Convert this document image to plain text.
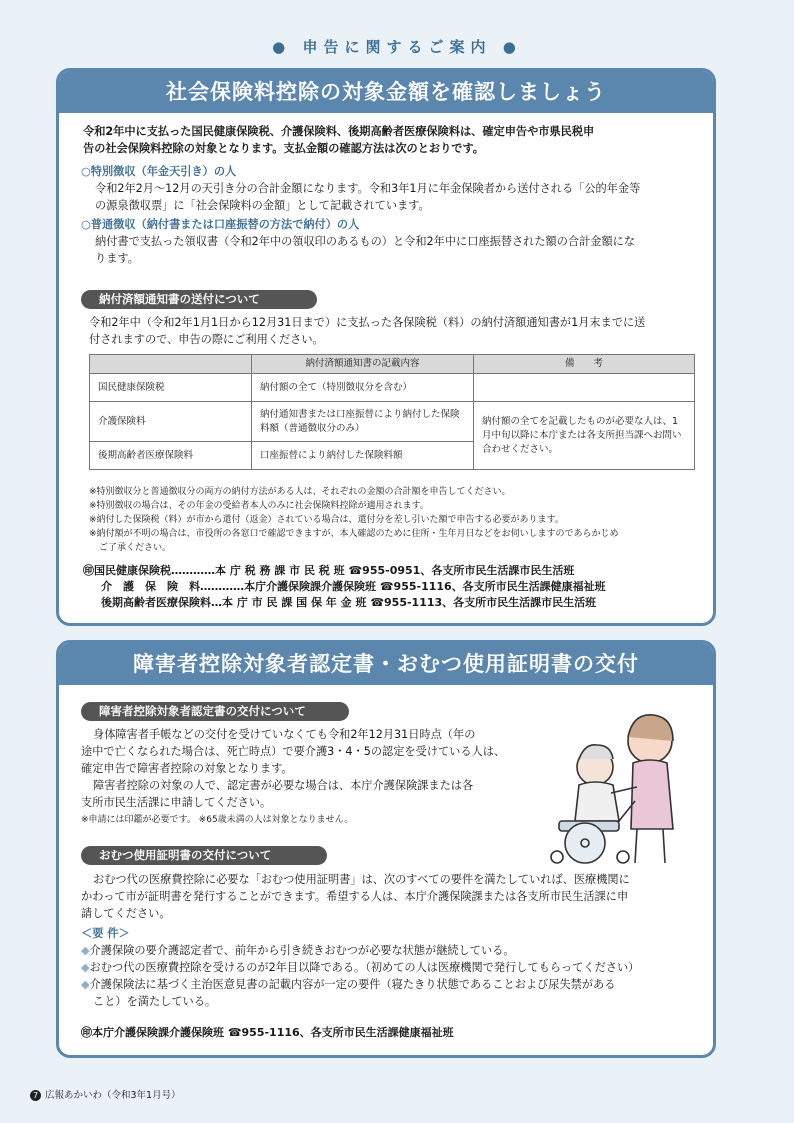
● 申告に関するご案内 ●
社会保険料控除の対象金額を確認しましょう
令和2年中に支払った国民健康保険税、介護保険料、後期高齢者医療保険料は、確定申告や市県民税申
告の社会保険料控除の対象となります。支払金額の確認方法は次のとおりです。
○特別徴収（年金天引き）の人
令和2年2月～12月の天引き分の合計金額になります。令和3年1月に年金保険者から送付される「公的年金等
の源泉徴収票」に「社会保険料の金額」として記載されています。
○普通徴収（納付書または口座振替の方法で納付）の人
納付書で支払った領収書（令和2年中の領収印のあるもの）と令和2年中に口座振替された額の合計金額にな
ります。
納付済額通知書の送付について
令和2年中（令和2年1月1日から12月31日まで）に支払った各保険税（料）の納付済額通知書が1月末までに送
付されますので、申告の際にご利用ください。
	納付済額通知書の記載内容	備　　考
国民健康保険税	納付額の全て（特別徴収分を含む）	
介護保険料	納付通知書または口座振替により納付した保険料額（普通徴収分のみ）	納付額の全てを記載したものが必要な人は、1月中旬以降に本庁または各支所担当課へお問い合わせください。
後期高齢者医療保険料	口座振替により納付した保険料額	
※特別徴収分と普通徴収分の両方の納付方法がある人は、それぞれの金額の合計額を申告してください。
※特別徴収の場合は、その年金の受給者本人のみに社会保険料控除が適用されます。
※納付した保険税（料）が市から還付（返金）されている場合は、還付分を差し引いた額で申告する必要があります。
※納付額が不明の場合は、市役所の各窓口で確認できますが、本人確認のために住所・生年月日などをお伺いしますのであらかじめ
ご了承ください。
㊞国民健康保険税…………本 庁 税 務 課 市 民 税 班 ☎955-0951、各支所市民生活課市民生活班
介　護　保　険　料…………本庁介護保険課介護保険班 ☎955-1116、各支所市民生活課健康福祉班
後期高齢者医療保険料…本 庁 市 民 課 国 保 年 金 班 ☎955-1113、各支所市民生活課市民生活班
障害者控除対象者認定書・おむつ使用証明書の交付
障害者控除対象者認定書の交付について
身体障害者手帳などの交付を受けていなくても令和2年12月31日時点（年の
途中で亡くなられた場合は、死亡時点）で要介護3・4・5の認定を受けている人は、
確定申告で障害者控除の対象となります。
障害者控除の対象の人で、認定書が必要な場合は、本庁介護保険課または各
支所市民生活課に申請してください。
※申請には印鑑が必要です。 ※65歳未満の人は対象となりません。
おむつ使用証明書の交付について
おむつ代の医療費控除に必要な「おむつ使用証明書」は、次のすべての要件を満たしていれば、医療機関に
かわって市が証明書を発行することができます。希望する人は、本庁介護保険課または各支所市民生活課に申
請してください。
＜要 件＞
◆介護保険の要介護認定者で、前年から引き続きおむつが必要な状態が継続している。
◆おむつ代の医療費控除を受けるのが2年目以降である。（初めての人は医療機関で発行してもらってください）
◆介護保険法に基づく主治医意見書の記載内容が一定の要件（寝たきり状態であることおよび尿失禁がある
こと）を満たしている。
㊞本庁介護保険課介護保険班 ☎955-1116、各支所市民生活課健康福祉班
7 広報あかいわ（令和3年1月号）
